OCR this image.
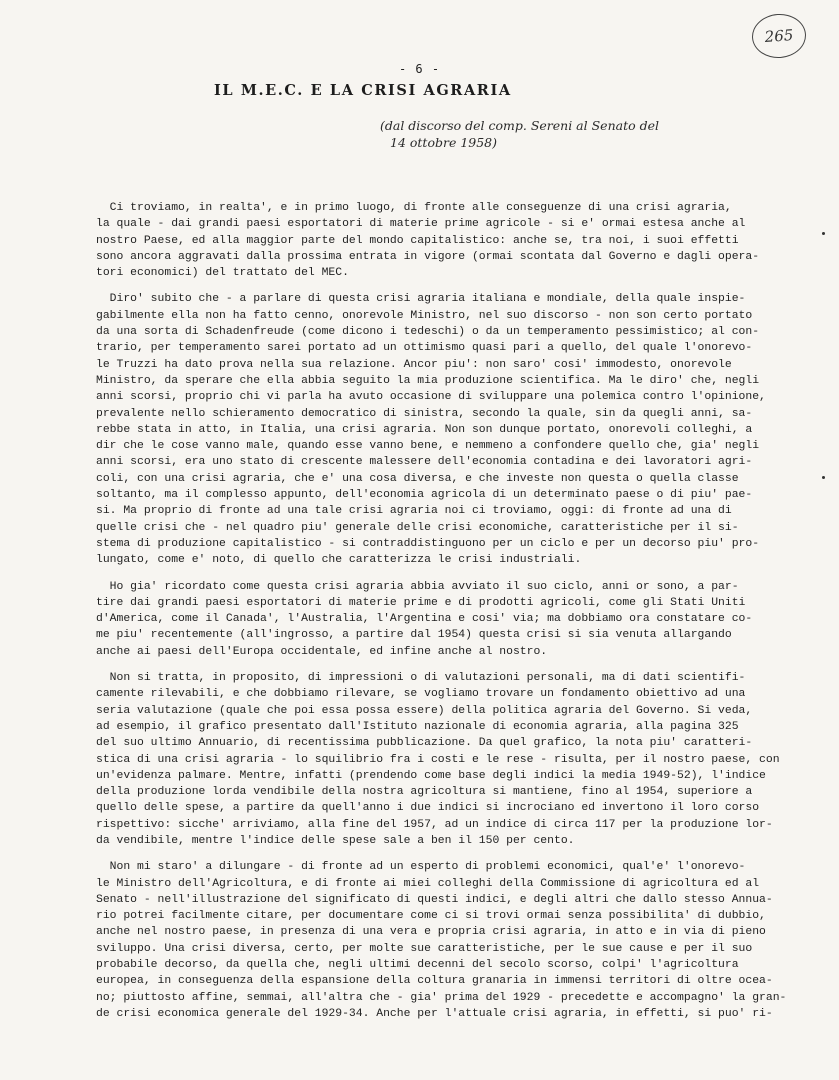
265
- 6 -
IL M.E.C. E LA CRISI AGRARIA
(dal discorso del comp. Sereni al Senato del
14 ottobre 1958)
Ci troviamo, in realta', e in primo luogo, di fronte alle conseguenze di una crisi agraria,
la quale - dai grandi paesi esportatori di materie prime agricole - si e' ormai estesa anche al
nostro Paese, ed alla maggior parte del mondo capitalistico: anche se, tra noi, i suoi effetti
sono ancora aggravati dalla prossima entrata in vigore (ormai scontata dal Governo e dagli opera-
tori economici) del trattato del MEC.
Diro' subito che - a parlare di questa crisi agraria italiana e mondiale, della quale inspie-
gabilmente ella non ha fatto cenno, onorevole Ministro, nel suo discorso - non son certo portato
da una sorta di Schadenfreude (come dicono i tedeschi) o da un temperamento pessimistico; al con-
trario, per temperamento sarei portato ad un ottimismo quasi pari a quello, del quale l'onorevo-
le Truzzi ha dato prova nella sua relazione. Ancor piu': non saro' cosi' immodesto, onorevole
Ministro, da sperare che ella abbia seguito la mia produzione scientifica. Ma le diro' che, negli
anni scorsi, proprio chi vi parla ha avuto occasione di sviluppare una polemica contro l'opinione,
prevalente nello schieramento democratico di sinistra, secondo la quale, sin da quegli anni, sa-
rebbe stata in atto, in Italia, una crisi agraria. Non son dunque portato, onorevoli colleghi, a
dir che le cose vanno male, quando esse vanno bene, e nemmeno a confondere quello che, gia' negli
anni scorsi, era uno stato di crescente malessere dell'economia contadina e dei lavoratori agri-
coli, con una crisi agraria, che e' una cosa diversa, e che investe non questa o quella classe
soltanto, ma il complesso appunto, dell'economia agricola di un determinato paese o di piu' pae-
si. Ma proprio di fronte ad una tale crisi agraria noi ci troviamo, oggi: di fronte ad una di
quelle crisi che - nel quadro piu' generale delle crisi economiche, caratteristiche per il si-
stema di produzione capitalistico - si contraddistinguono per un ciclo e per un decorso piu' pro-
lungato, come e' noto, di quello che caratterizza le crisi industriali.
Ho gia' ricordato come questa crisi agraria abbia avviato il suo ciclo, anni or sono, a par-
tire dai grandi paesi esportatori di materie prime e di prodotti agricoli, come gli Stati Uniti
d'America, come il Canada', l'Australia, l'Argentina e cosi' via; ma dobbiamo ora constatare co-
me piu' recentemente (all'ingrosso, a partire dal 1954) questa crisi si sia venuta allargando
anche ai paesi dell'Europa occidentale, ed infine anche al nostro.
Non si tratta, in proposito, di impressioni o di valutazioni personali, ma di dati scientifi-
camente rilevabili, e che dobbiamo rilevare, se vogliamo trovare un fondamento obiettivo ad una
seria valutazione (quale che poi essa possa essere) della politica agraria del Governo. Si veda,
ad esempio, il grafico presentato dall'Istituto nazionale di economia agraria, alla pagina 325
del suo ultimo Annuario, di recentissima pubblicazione. Da quel grafico, la nota piu' caratteri-
stica di una crisi agraria - lo squilibrio fra i costi e le rese - risulta, per il nostro paese, con
un'evidenza palmare. Mentre, infatti (prendendo come base degli indici la media 1949-52), l'indice
della produzione lorda vendibile della nostra agricoltura si mantiene, fino al 1954, superiore a
quello delle spese, a partire da quell'anno i due indici si incrociano ed invertono il loro corso
rispettivo: sicche' arriviamo, alla fine del 1957, ad un indice di circa 117 per la produzione lor-
da vendibile, mentre l'indice delle spese sale a ben il 150 per cento.
Non mi staro' a dilungare - di fronte ad un esperto di problemi economici, qual'e' l'onorevo-
le Ministro dell'Agricoltura, e di fronte ai miei colleghi della Commissione di agricoltura ed al
Senato - nell'illustrazione del significato di questi indici, e degli altri che dallo stesso Annua-
rio potrei facilmente citare, per documentare come ci si trovi ormai senza possibilita' di dubbio,
anche nel nostro paese, in presenza di una vera e propria crisi agraria, in atto e in via di pieno
sviluppo. Una crisi diversa, certo, per molte sue caratteristiche, per le sue cause e per il suo
probabile decorso, da quella che, negli ultimi decenni del secolo scorso, colpi' l'agricoltura
europea, in conseguenza della espansione della coltura granaria in immensi territori di oltre ocea-
no; piuttosto affine, semmai, all'altra che - gia' prima del 1929 - precedette e accompagno' la gran-
de crisi economica generale del 1929-34. Anche per l'attuale crisi agraria, in effetti, si puo' ri-
